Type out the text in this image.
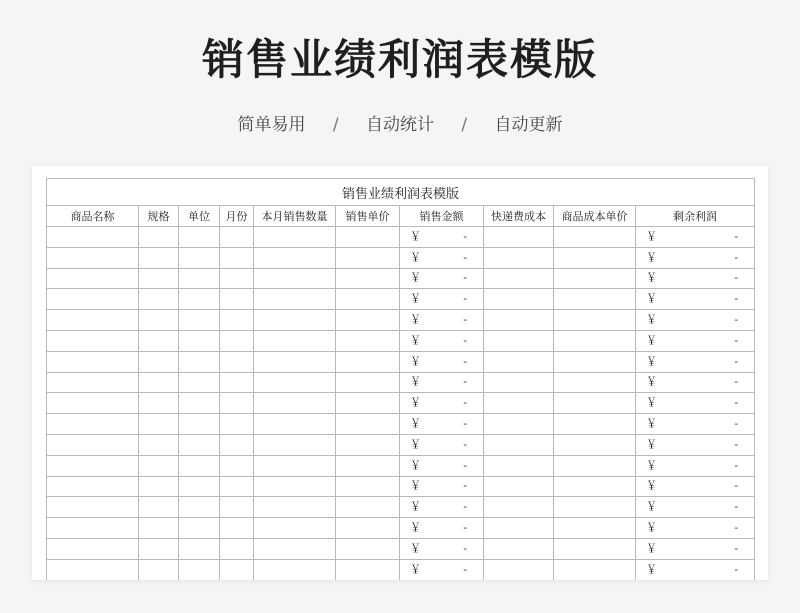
销售业绩利润表模版
简单易用 / 自动统计 / 自动更新
销售业绩利润表模版									
商品名称	规格	单位	月份	本月销售数量	销售单价	销售金额	快递费成本	商品成本单价	剩余利润

						￥ -			￥ -

						￥ -			￥ -

						￥ -			￥ -

						￥ -			￥ -

						￥ -			￥ -

						￥ -			￥ -

						￥ -			￥ -

						￥ -			￥ -

						￥ -			￥ -

						￥ -			￥ -

						￥ -			￥ -

						￥ -			￥ -

						￥ -			￥ -

						￥ -			￥ -

						￥ -			￥ -

						￥ -			￥ -

						￥ -			￥ -
